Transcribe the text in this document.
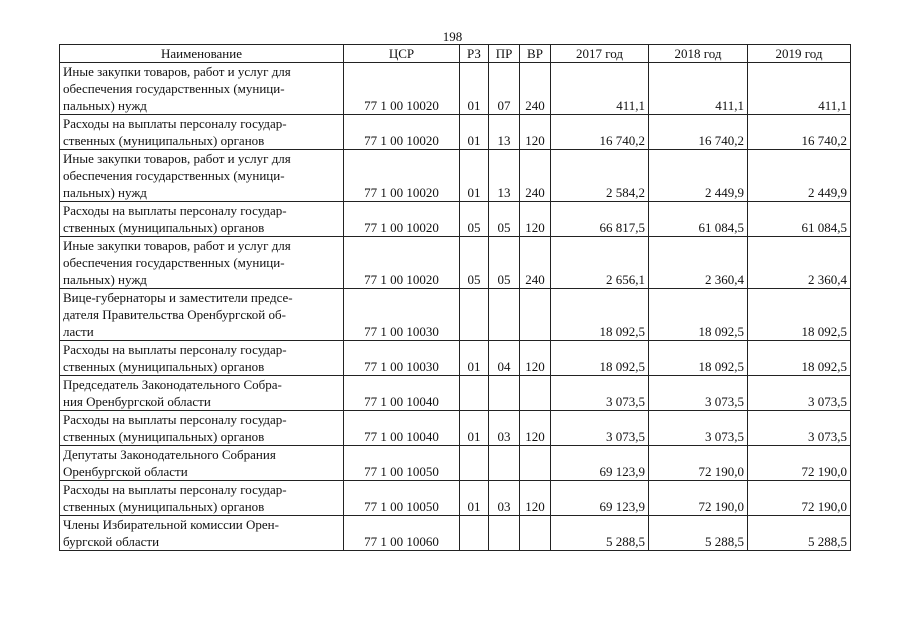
198
Наименование	ЦСР	РЗ	ПР	ВР	2017 год	2018 год	2019 год

Иные закупки товаров, работ и услуг для
обеспечения государственных (муници-
пальных) нужд	77 1 00 10020	01	07	240	411,1	411,1	411,1

Расходы на выплаты персоналу государ-
ственных (муниципальных) органов	77 1 00 10020	01	13	120	16 740,2	16 740,2	16 740,2

Иные закупки товаров, работ и услуг для
обеспечения государственных (муници-
пальных) нужд	77 1 00 10020	01	13	240	2 584,2	2 449,9	2 449,9

Расходы на выплаты персоналу государ-
ственных (муниципальных) органов	77 1 00 10020	05	05	120	66 817,5	61 084,5	61 084,5

Иные закупки товаров, работ и услуг для
обеспечения государственных (муници-
пальных) нужд	77 1 00 10020	05	05	240	2 656,1	2 360,4	2 360,4

Вице-губернаторы и заместители предсе-
дателя Правительства Оренбургской об-
ласти	77 1 00 10030				18 092,5	18 092,5	18 092,5

Расходы на выплаты персоналу государ-
ственных (муниципальных) органов	77 1 00 10030	01	04	120	18 092,5	18 092,5	18 092,5

Председатель Законодательного Собра-
ния Оренбургской области	77 1 00 10040				3 073,5	3 073,5	3 073,5

Расходы на выплаты персоналу государ-
ственных (муниципальных) органов	77 1 00 10040	01	03	120	3 073,5	3 073,5	3 073,5

Депутаты Законодательного Собрания
Оренбургской области	77 1 00 10050				69 123,9	72 190,0	72 190,0

Расходы на выплаты персоналу государ-
ственных (муниципальных) органов	77 1 00 10050	01	03	120	69 123,9	72 190,0	72 190,0

Члены Избирательной комиссии Орен-
бургской области	77 1 00 10060				5 288,5	5 288,5	5 288,5
